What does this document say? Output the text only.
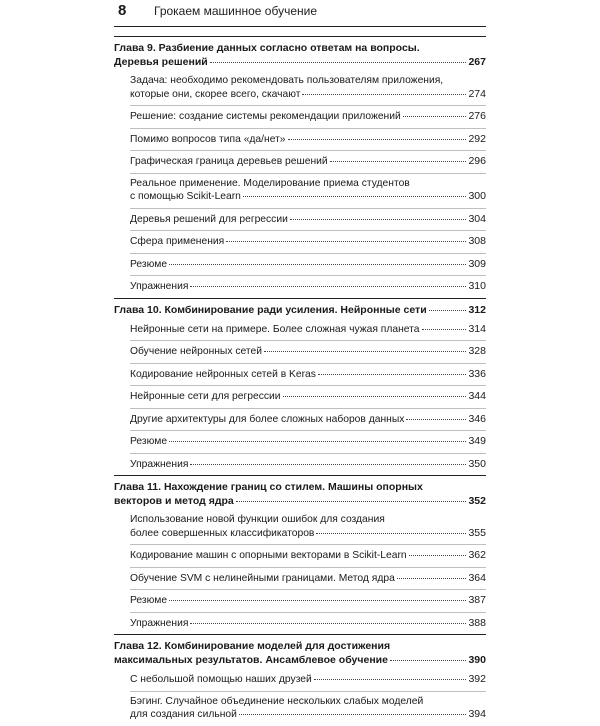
8	Грокаем машинное обучение
Глава 9. Разбиение данных согласно ответам на вопросы.
Деревья решений	267
Задача: необходимо рекомендовать пользователям приложения,
которые они, скорее всего, скачают	274
Решение: создание системы рекомендации приложений	276
Помимо вопросов типа «да/нет»	292
Графическая граница деревьев решений	296
Реальное применение. Моделирование приема студентов
с помощью Scikit-Learn	300
Деревья решений для регрессии	304
Сфера применения	308
Резюме	309
Упражнения	310
Глава 10. Комбинирование ради усиления. Нейронные сети	312
Нейронные сети на примере. Более сложная чужая планета	314
Обучение нейронных сетей	328
Кодирование нейронных сетей в Keras	336
Нейронные сети для регрессии	344
Другие архитектуры для более сложных наборов данных	346
Резюме	349
Упражнения	350
Глава 11. Нахождение границ со стилем. Машины опорных
векторов и метод ядра	352
Использование новой функции ошибок для создания
более совершенных классификаторов	355
Кодирование машин с опорными векторами в Scikit-Learn	362
Обучение SVM с нелинейными границами. Метод ядра	364
Резюме	387
Упражнения	388
Глава 12. Комбинирование моделей для достижения
максимальных результатов. Ансамблевое обучение	390
С небольшой помощью наших друзей	392
Бэгинг. Случайное объединение нескольких слабых моделей
для создания сильной	394
